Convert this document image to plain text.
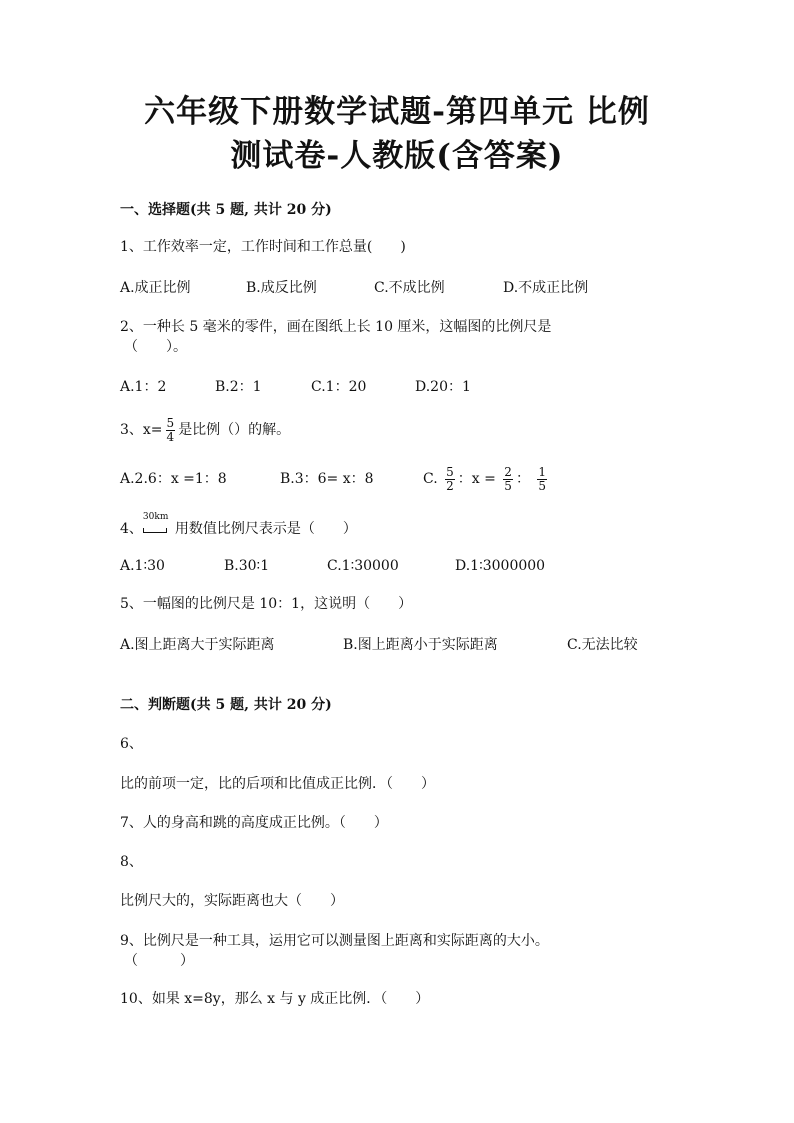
六年级下册数学试题-第四单元 比例
测试卷-人教版(含答案)
一、选择题(共 5 题, 共计 20 分)
1、工作效率一定，工作时间和工作总量(　　)
A.成正比例	B.成反比例	C.不成比例	D.不成正比例
2、一种长 5 毫米的零件，画在图纸上长 10 厘米，这幅图的比例尺是
（　　）。
A.1：2	B.2：1	C.1：20	D.20：1
3、$x= \frac{5}{4}$ 是比例（）的解。
A.2.6：x =1：8	B.3：6= x：8	C. $\frac{5}{2}$ ：$x = \frac{2}{5}$ ： $\frac{1}{5}$
4、
30km
用数值比例尺表示是（　　）
A.1∶30	B.30∶1	C.1∶30000	D.1∶3000000
5、一幅图的比例尺是 10：1，这说明（　　）
A.图上距离大于实际距离	B.图上距离小于实际距离	C.无法比较
二、判断题(共 5 题, 共计 20 分)
6、
比的前项一定，比的后项和比值成正比例．（　　）
7、人的身高和跳的高度成正比例。（　　）
8、
比例尺大的，实际距离也大（　　）
9、比例尺是一种工具，运用它可以测量图上距离和实际距离的大小。
（　　　）
10、如果 x=8y，那么 x 与 y 成正比例．（　　）
